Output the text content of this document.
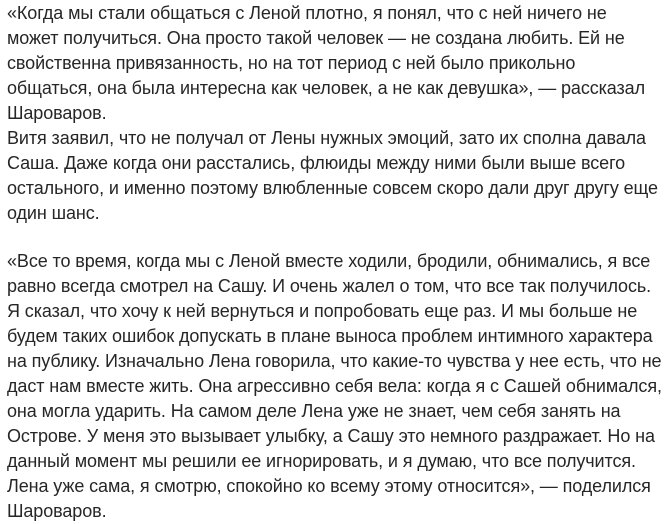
«Когда мы стали общаться с Леной плотно, я понял, что с ней ничего не может получиться. Она просто такой человек — не создана любить. Ей не свойственна привязанность, но на тот период с ней было прикольно общаться, она была интересна как человек, а не как девушка», — рассказал Шароваров.
Витя заявил, что не получал от Лены нужных эмоций, зато их сполна давала Саша. Даже когда они расстались, флюиды между ними были выше всего остального, и именно поэтому влюбленные совсем скоро дали друг другу еще один шанс.
«Все то время, когда мы с Леной вместе ходили, бродили, обнимались, я все равно всегда смотрел на Сашу. И очень жалел о том, что все так получилось. Я сказал, что хочу к ней вернуться и попробовать еще раз. И мы больше не будем таких ошибок допускать в плане выноса проблем интимного характера на публику. Изначально Лена говорила, что какие-то чувства у нее есть, что не даст нам вместе жить. Она агрессивно себя вела: когда я с Сашей обнимался, она могла ударить. На самом деле Лена уже не знает, чем себя занять на Острове. У меня это вызывает улыбку, а Сашу это немного раздражает. Но на данный момент мы решили ее игнорировать, и я думаю, что все получится. Лена уже сама, я смотрю, спокойно ко всему этому относится», — поделился Шароваров.
